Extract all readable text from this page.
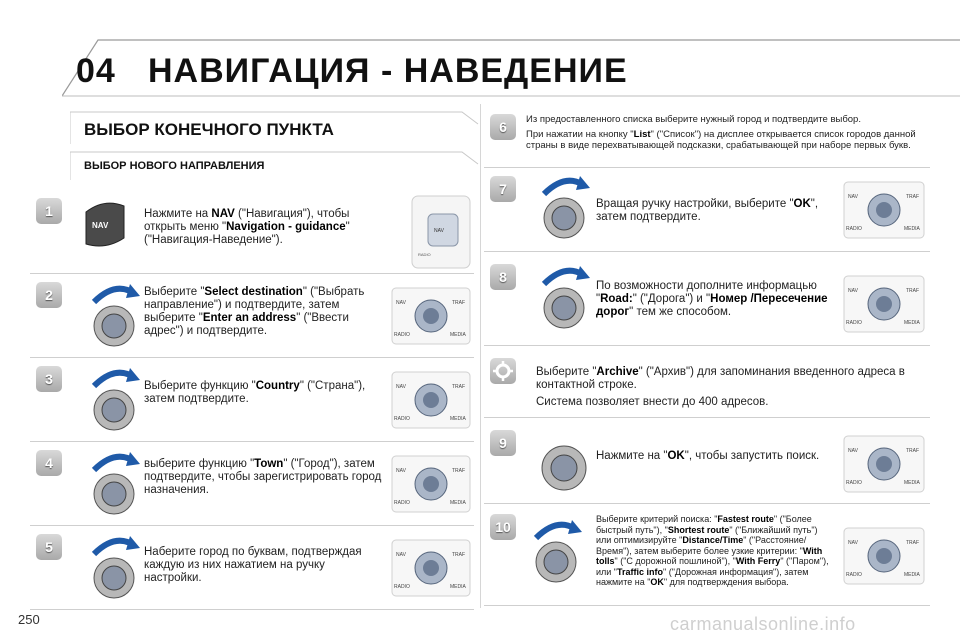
04 НАВИГАЦИЯ - НАВЕДЕНИЕ
ВЫБОР КОНЕЧНОГО ПУНКТА
ВЫБОР НОВОГО НАПРАВЛЕНИЯ
1
NAV
Нажмите на NAV ("Навигация"), чтобы открыть меню "Navigation - guidance" ("Навигация-Наведение").
NAV
RADIO
2	Выберите "Select destination" ("Выбрать направление") и подтвердите, затем выберите "Enter an address" ("Ввести адрес") и подтвердите.
NAV	TRAF
RADIO	MEDIA
3	Выберите функцию "Country" ("Страна"), затем подтвердите.
NAV	TRAF
RADIO	MEDIA
4	выберите функцию "Town" ("Город"), затем подтвердите, чтобы зарегистрировать город назначения.
NAV	TRAF
RADIO	MEDIA
5	Наберите город по буквам, подтверждая каждую из них нажатием на ручку настройки.
NAV	TRAF
RADIO	MEDIA
6	Из предоставленного списка выберите нужный город и подтвердите выбор.
При нажатии на кнопку "List" ("Список") на дисплее открывается список городов данной страны в виде перехватывающей подсказки, срабатывающей при наборе первых букв.
7
Вращая ручку настройки, выберите "OK", затем подтвердите.
NAV	TRAF
RADIO	MEDIA
8
По возможности дополните информацью "Road:" ("Дорога") и "Номер /Пересечение дорог" тем же способом.
NAV	TRAF
RADIO	MEDIA
Выберите "Archive" ("Архив") для запоминания введенного адреса в контактной строке.
Система позволяет внести до 400 адресов.
9
Нажмите на "OK", чтобы запустить поиск.	NAV	TRAF
RADIO	MEDIA
10	Выберите критерий поиска: "Fastest route" ("Более быстрый путь"), "Shortest route" ("Ближайший путь") или оптимизируйте "Distance/Time" ("Расстояние/ Время"), затем выберите более узкие критерии: "With tolls" ("С дорожной пошлиной"), "With Ferry" ("Паром"), или "Traffic info" ("Дорожная информация"), затем нажмите на "OK" для подтверждения выбора.
NAV	TRAF
RADIO	MEDIA
250	carmanualsonline.info
